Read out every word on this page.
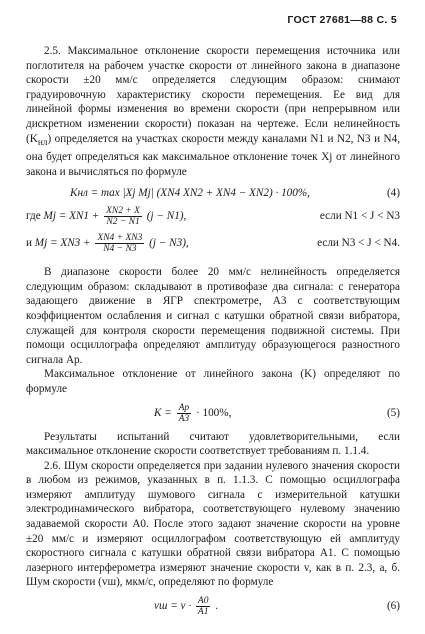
ГОСТ 27681—88 С. 5

2.5. Максимальное отклонение скорости перемещения источника или поглотителя на рабочем участке скорости от линейного закона в диапазоне скорости ±20 мм/с определяется следующим образом: снимают градуировочную характеристику скорости перемещения. Ее вид для линейной формы изменения во времени скорости (при непрерывном или дискретном изменении скорости) показан на чертеже. Если нелинейность $(K_{нл})$ определяется на участках скорости между каналами N1 и N2, N3 и N4, она будет определяться как максимальное отклонение точек Xj от линейного закона и вычисляться по формуле

Kнл = max |Xj Mj| (XN4 XN2 + XN4 − XN2) · 100%,	(4)
где $Mj = XN1 + \frac{XN2 + X}{N2 - N1} (j - N1)$,	если N1 < J < N3
и $Mj = XN3 + \frac{XN4 + XN3}{N4 - N3} (j - N3)$,	если N3 < J < N4.

В диапазоне скорости более 20 мм/с нелинейность определяется следующим образом: складывают в противофазе два сигнала: с генератора задающего движение в ЯГР спектрометре, A3 с соответствующим коэффициентом ослабления и сигнал с катушки обратной связи вибратора, служащей для контроля скорости перемещения подвижной системы. При помощи осциллографа определяют амплитуду образующегося разностного сигнала Ap.

Максимальное отклонение от линейного закона (K) определяют по формуле

$K = \frac{Ap}{A3} \cdot 100\%$,	(5)

Результаты испытаний считают удовлетворительными, если максимальное отклонение скорости соответствует требованиям п. 1.1.4.

2.6. Шум скорости определяется при задании нулевого значения скорости в любом из режимов, указанных в п. 1.1.3. С помощью осциллографа измеряют амплитуду шумового сигнала с измерительной катушки электродинамического вибратора, соответствующего нулевому значению задаваемой скорости A0. После этого задают значение скорости на уровне ±20 мм/с и измеряют осциллографом соответствующую ей амплитуду скоростного сигнала с катушки обратной связи вибратора A1. С помощью лазерного интерферометра измеряют значение скорости v, как в п. 2.3, а, б. Шум скорости (vш), мкм/с, определяют по формуле

vш = $v \cdot \frac{A0}{A1}$ .	(6)
